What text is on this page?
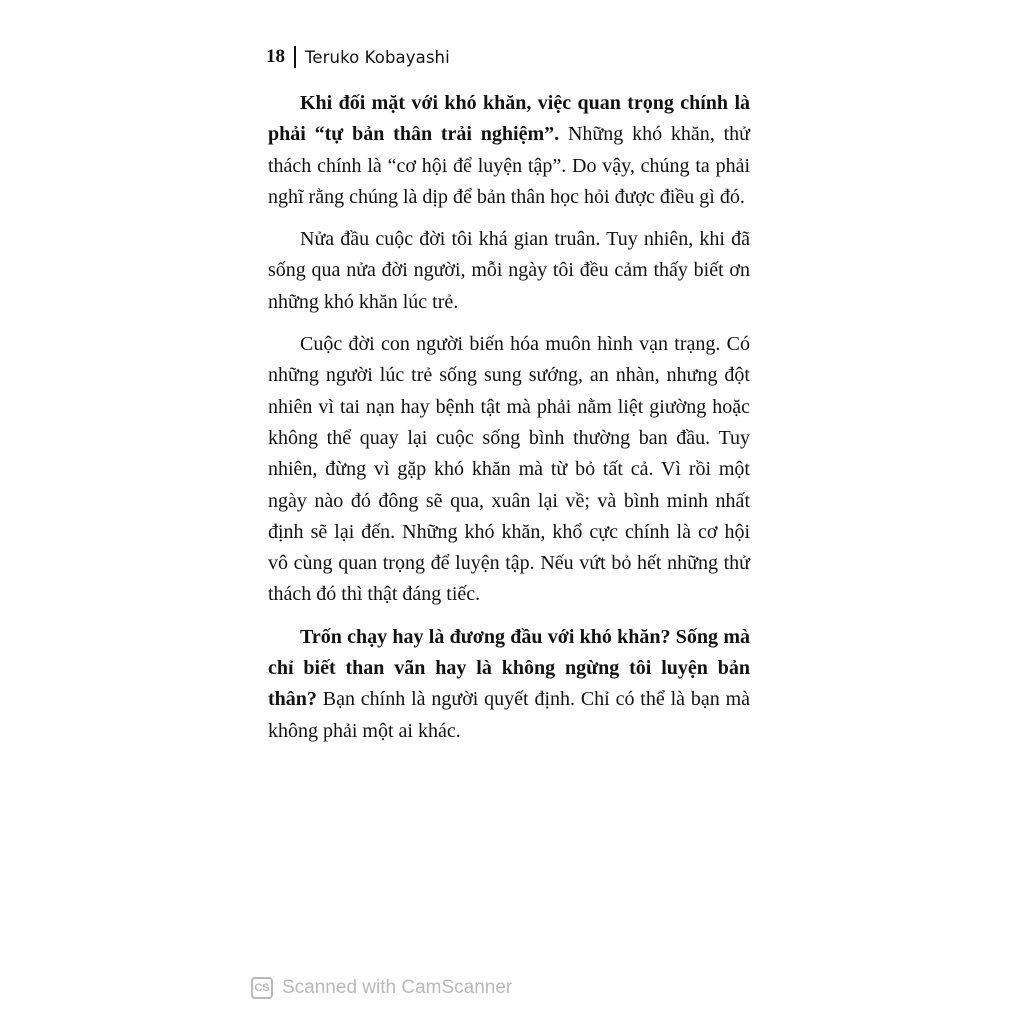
18 Teruko Kobayashi

Khi đối mặt với khó khăn, việc quan trọng chính là phải “tự bản thân trải nghiệm”. Những khó khăn, thử thách chính là “cơ hội để luyện tập”. Do vậy, chúng ta phải nghĩ rằng chúng là dịp để bản thân học hỏi được điều gì đó.

Nửa đầu cuộc đời tôi khá gian truân. Tuy nhiên, khi đã sống qua nửa đời người, mỗi ngày tôi đều cảm thấy biết ơn những khó khăn lúc trẻ.

Cuộc đời con người biến hóa muôn hình vạn trạng. Có những người lúc trẻ sống sung sướng, an nhàn, nhưng đột nhiên vì tai nạn hay bệnh tật mà phải nằm liệt giường hoặc không thể quay lại cuộc sống bình thường ban đầu. Tuy nhiên, đừng vì gặp khó khăn mà từ bỏ tất cả. Vì rồi một ngày nào đó đông sẽ qua, xuân lại về; và bình minh nhất định sẽ lại đến. Những khó khăn, khổ cực chính là cơ hội vô cùng quan trọng để luyện tập. Nếu vứt bỏ hết những thử thách đó thì thật đáng tiếc.

Trốn chạy hay là đương đầu với khó khăn? Sống mà chỉ biết than vãn hay là không ngừng tôi luyện bản thân? Bạn chính là người quyết định. Chỉ có thể là bạn mà không phải một ai khác.

CS Scanned with CamScanner
